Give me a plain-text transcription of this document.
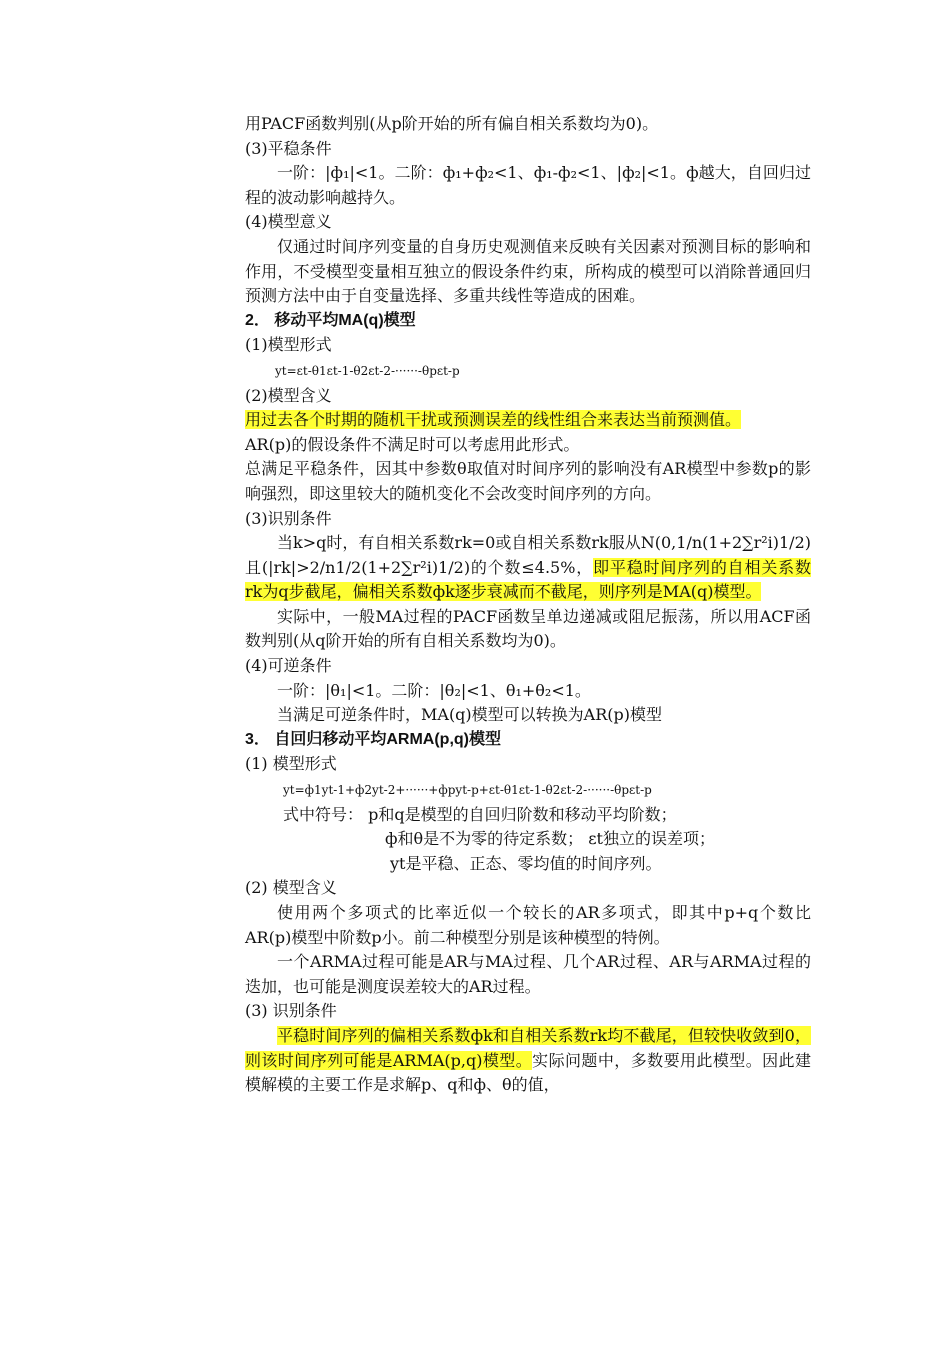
用PACF函数判别(从p阶开始的所有偏自相关系数均为0)。

(3)平稳条件

一阶：|ф₁|<1。二阶：ф₁+ф₂<1、ф₁-ф₂<1、|ф₂|<1。ф越大，自回归过程的波动影响越持久。

(4)模型意义

仅通过时间序列变量的自身历史观测值来反映有关因素对预测目标的影响和作用，不受模型变量相互独立的假设条件约束，所构成的模型可以消除普通回归预测方法中由于自变量选择、多重共线性等造成的困难。

2． 移动平均MA(q)模型

(1)模型形式

yt=εt-θ1εt-1-θ2εt-2-······-θpεt-p

(2)模型含义

用过去各个时期的随机干扰或预测误差的线性组合来表达当前预测值。

AR(p)的假设条件不满足时可以考虑用此形式。

总满足平稳条件，因其中参数θ取值对时间序列的影响没有AR模型中参数p的影响强烈，即这里较大的随机变化不会改变时间序列的方向。

(3)识别条件

当k>q时，有自相关系数rk=0或自相关系数rk服从N(0,1/n(1+2∑r²i)1/2)且(|rk|>2/n1/2(1+2∑r²i)1/2)的个数≤4.5%，即平稳时间序列的自相关系数rk为q步截尾，偏相关系数фk逐步衰减而不截尾，则序列是MA(q)模型。

实际中，一般MA过程的PACF函数呈单边递减或阻尼振荡，所以用ACF函数判别(从q阶开始的所有自相关系数均为0)。

(4)可逆条件

一阶：|θ₁|<1。二阶：|θ₂|<1、θ₁+θ₂<1。

当满足可逆条件时，MA(q)模型可以转换为AR(p)模型

3． 自回归移动平均ARMA(p,q)模型

(1) 模型形式

yt=ф1yt-1+ф2yt-2+······+фpyt-p+εt-θ1εt-1-θ2εt-2-······-θpεt-p

式中符号： p和q是模型的自回归阶数和移动平均阶数；

ф和θ是不为零的待定系数； εt独立的误差项；

yt是平稳、正态、零均值的时间序列。

(2) 模型含义

使用两个多项式的比率近似一个较长的AR多项式，即其中p+q个数比AR(p)模型中阶数p小。前二种模型分别是该种模型的特例。

一个ARMA过程可能是AR与MA过程、几个AR过程、AR与ARMA过程的迭加，也可能是测度误差较大的AR过程。

(3) 识别条件

平稳时间序列的偏相关系数фk和自相关系数rk均不截尾，但较快收敛到0，则该时间序列可能是ARMA(p,q)模型。实际问题中，多数要用此模型。因此建模解模的主要工作是求解p、q和ф、θ的值，
